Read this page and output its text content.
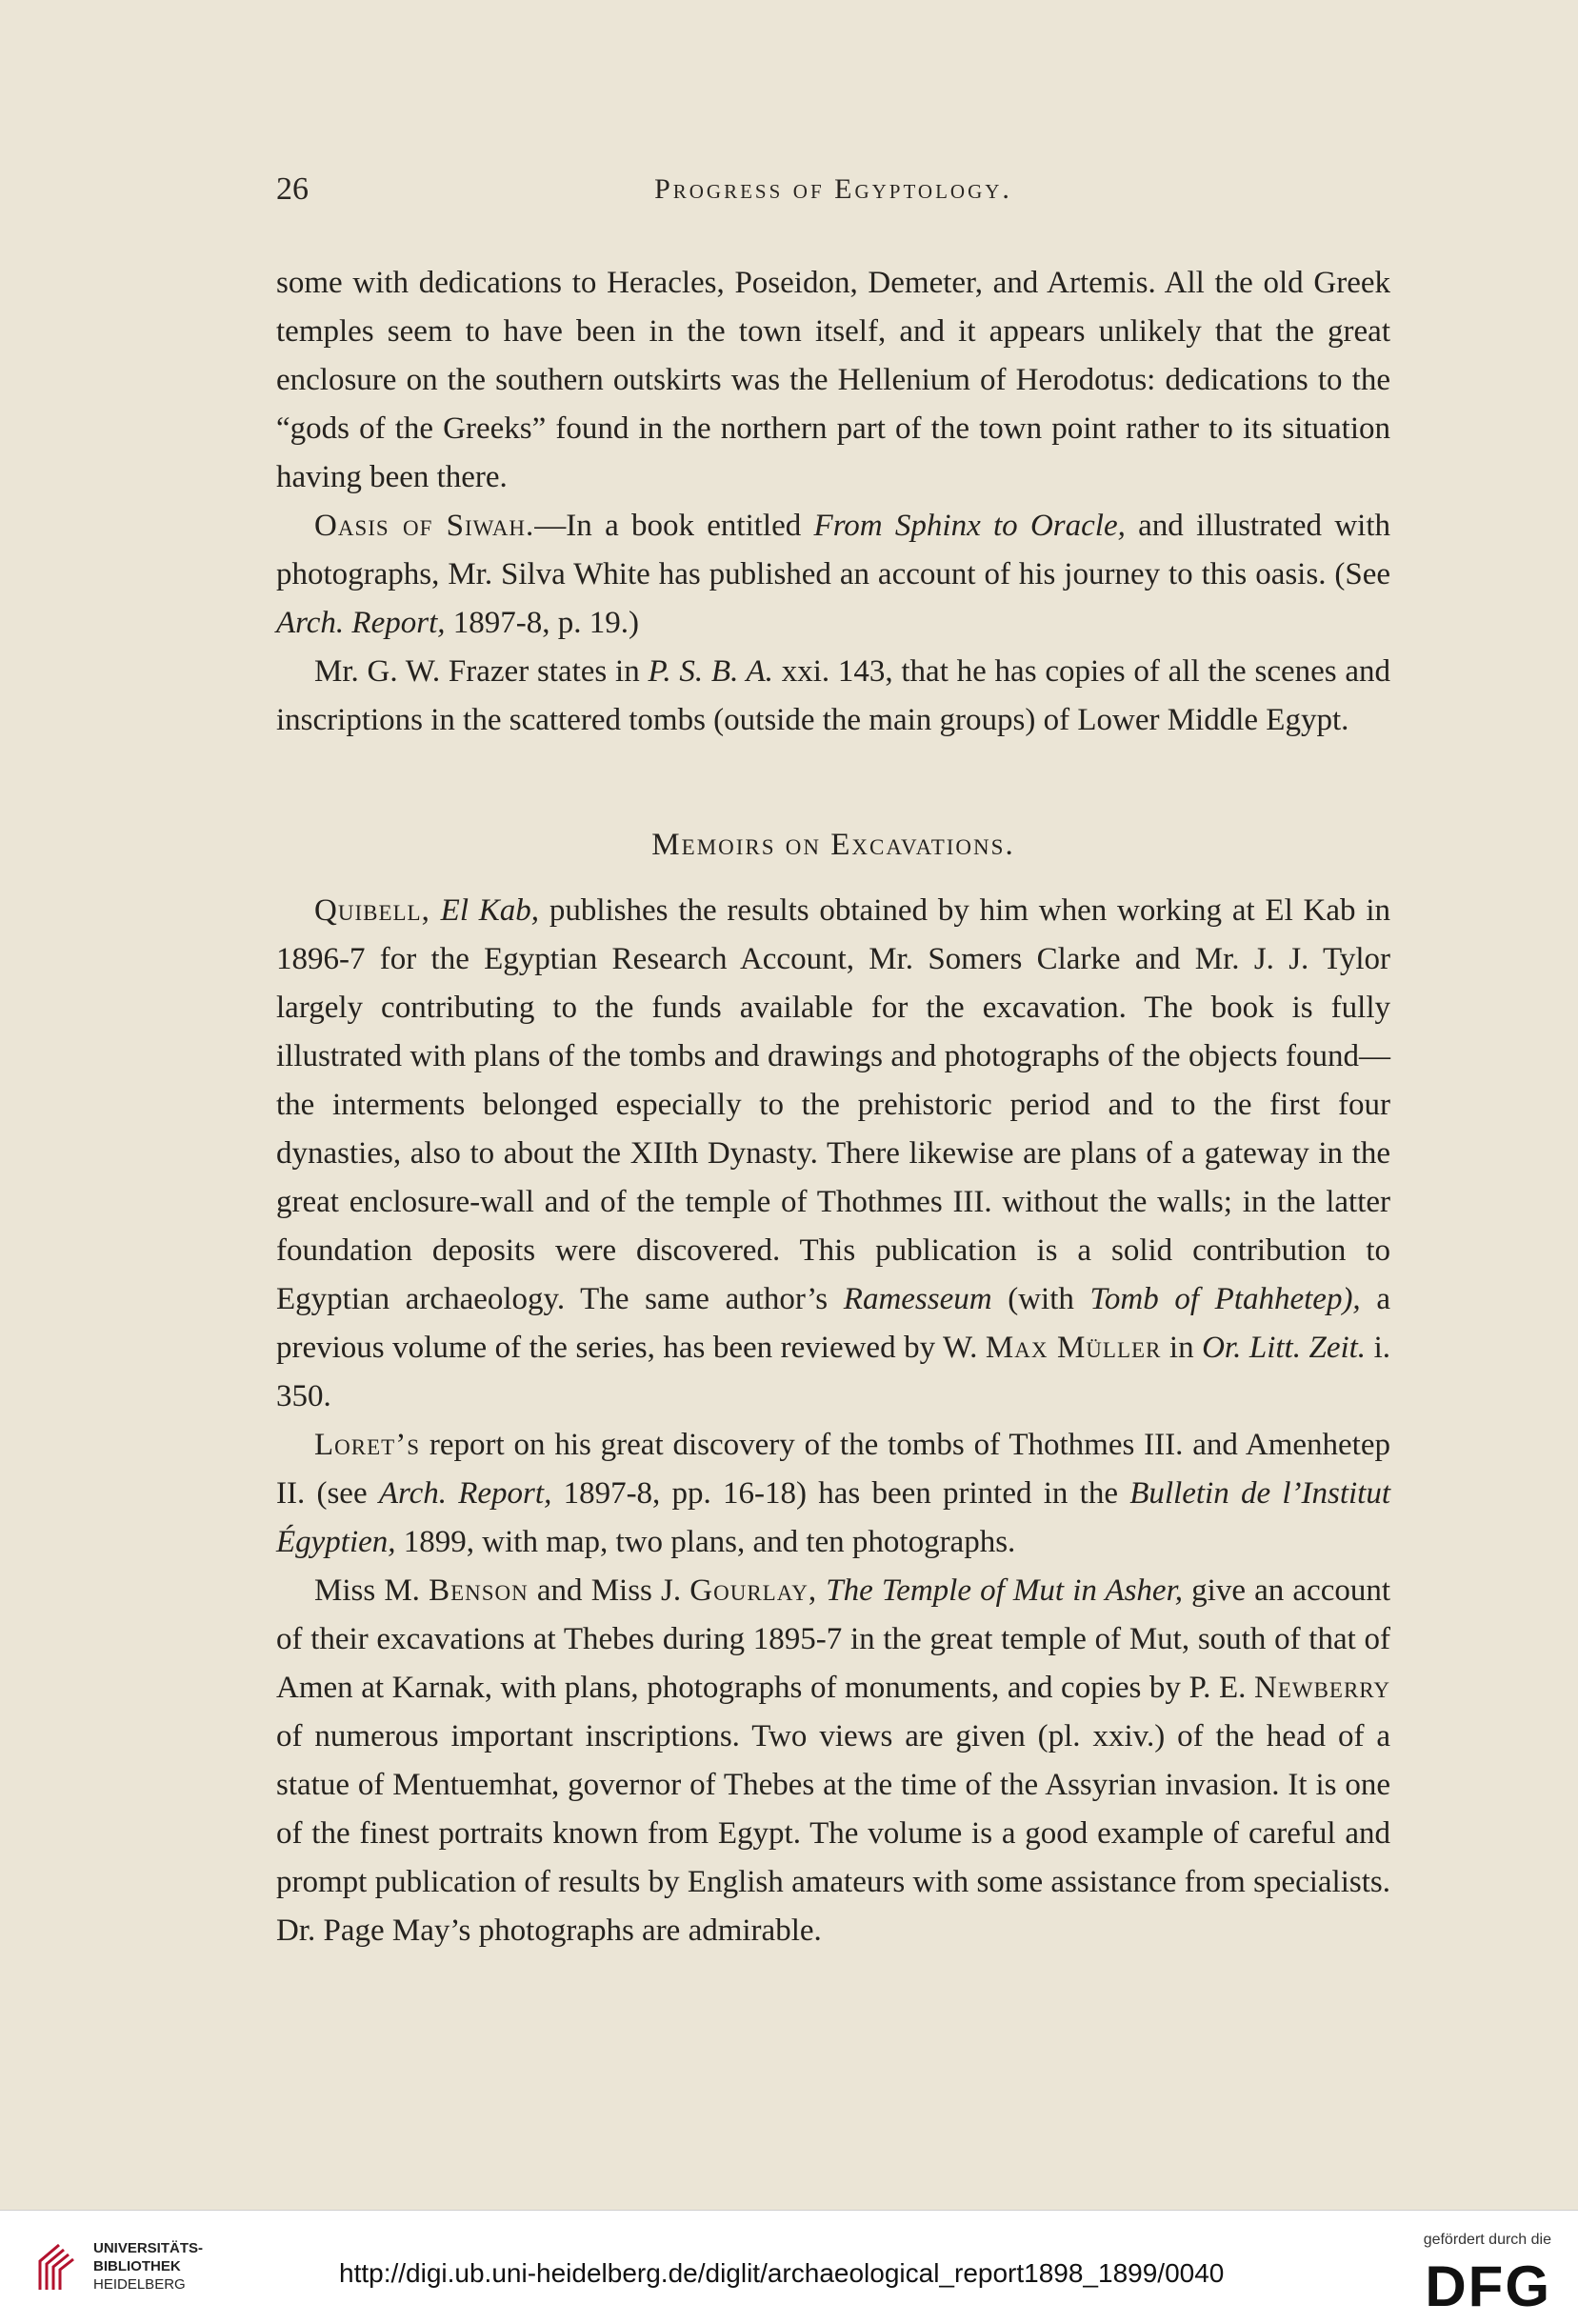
26	Progress of Egyptology.

some with dedications to Heracles, Poseidon, Demeter, and Artemis. All the old Greek temples seem to have been in the town itself, and it appears unlikely that the great enclosure on the southern outskirts was the Hellenium of Herodotus: dedications to the “gods of the Greeks” found in the northern part of the town point rather to its situation having been there.

Oasis of Siwah.—In a book entitled From Sphinx to Oracle, and illustrated with photographs, Mr. Silva White has published an account of his journey to this oasis. (See Arch. Report, 1897-8, p. 19.)

Mr. G. W. Frazer states in P. S. B. A. xxi. 143, that he has copies of all the scenes and inscriptions in the scattered tombs (outside the main groups) of Lower Middle Egypt.

Memoirs on Excavations.

Quibell, El Kab, publishes the results obtained by him when working at El Kab in 1896-7 for the Egyptian Research Account, Mr. Somers Clarke and Mr. J. J. Tylor largely contributing to the funds available for the excavation. The book is fully illustrated with plans of the tombs and drawings and photographs of the objects found—the interments belonged especially to the prehistoric period and to the first four dynasties, also to about the XIIth Dynasty. There likewise are plans of a gateway in the great enclosure-wall and of the temple of Thothmes III. without the walls; in the latter foundation deposits were discovered. This publication is a solid contribution to Egyptian archaeology. The same author’s Ramesseum (with Tomb of Ptahhetep), a previous volume of the series, has been reviewed by W. Max Müller in Or. Litt. Zeit. i. 350.

Loret’s report on his great discovery of the tombs of Thothmes III. and Amenhetep II. (see Arch. Report, 1897-8, pp. 16-18) has been printed in the Bulletin de l’Institut Égyptien, 1899, with map, two plans, and ten photographs.

Miss M. Benson and Miss J. Gourlay, The Temple of Mut in Asher, give an account of their excavations at Thebes during 1895-7 in the great temple of Mut, south of that of Amen at Karnak, with plans, photographs of monuments, and copies by P. E. Newberry of numerous important inscriptions. Two views are given (pl. xxiv.) of the head of a statue of Mentuemhat, governor of Thebes at the time of the Assyrian invasion. It is one of the finest portraits known from Egypt. The volume is a good example of careful and prompt publication of results by English amateurs with some assistance from specialists. Dr. Page May’s photographs are admirable.

UNIVERSITÄTS-
BIBLIOTHEK
HEIDELBERG	http://digi.ub.uni-heidelberg.de/diglit/archaeological_report1898_1899/0040
gefördert durch die
DFG
